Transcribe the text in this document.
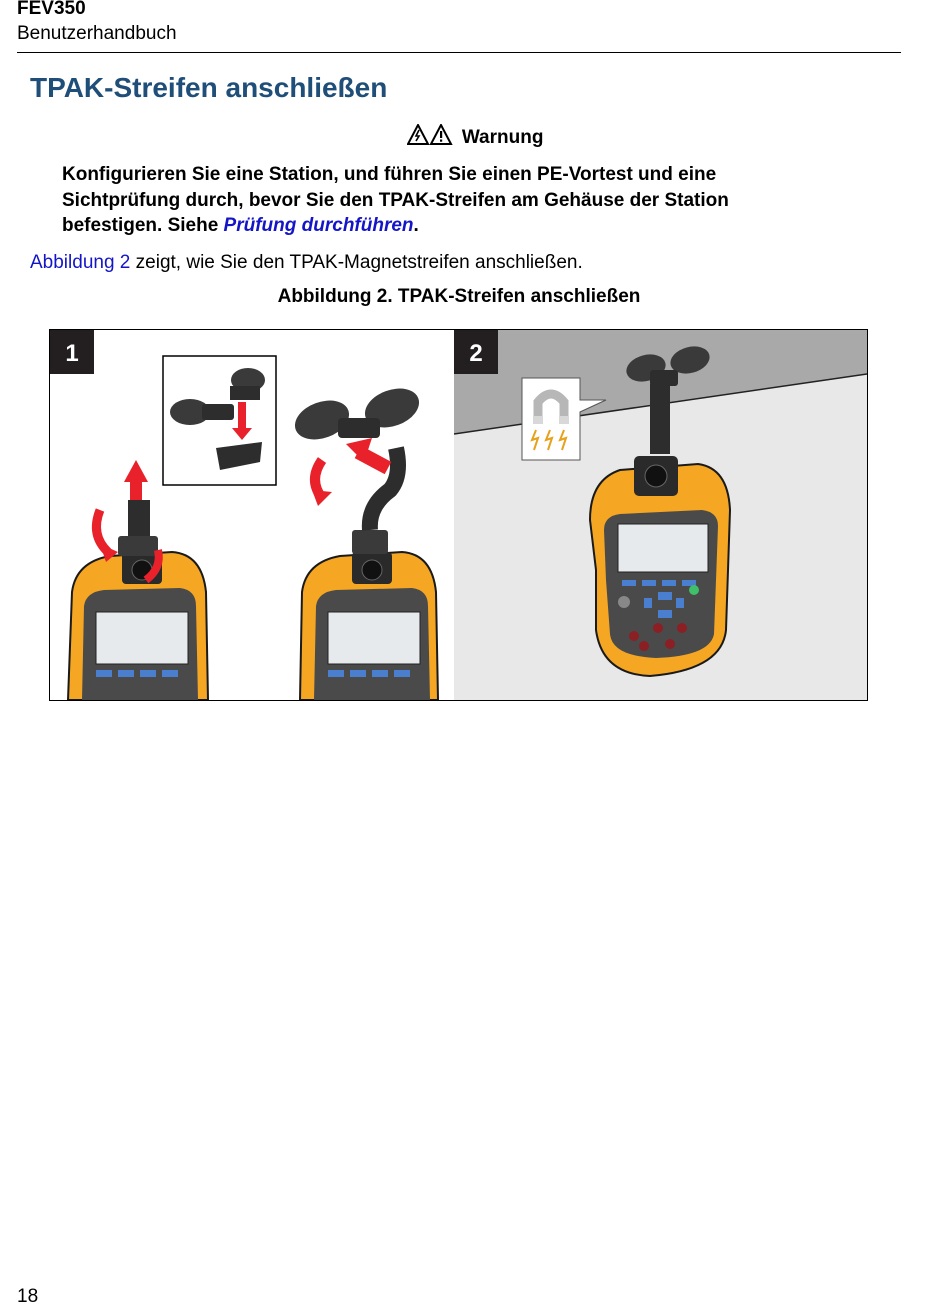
FEV350
Benutzerhandbuch
TPAK-Streifen anschließen
Warnung
Konfigurieren Sie eine Station, und führen Sie einen PE-Vortest und eine Sichtprüfung durch, bevor Sie den TPAK-Streifen am Gehäuse der Station befestigen. Siehe Prüfung durchführen.
Abbildung 2 zeigt, wie Sie den TPAK-Magnetstreifen anschließen.
Abbildung 2. TPAK-Streifen anschließen
1	2
18
